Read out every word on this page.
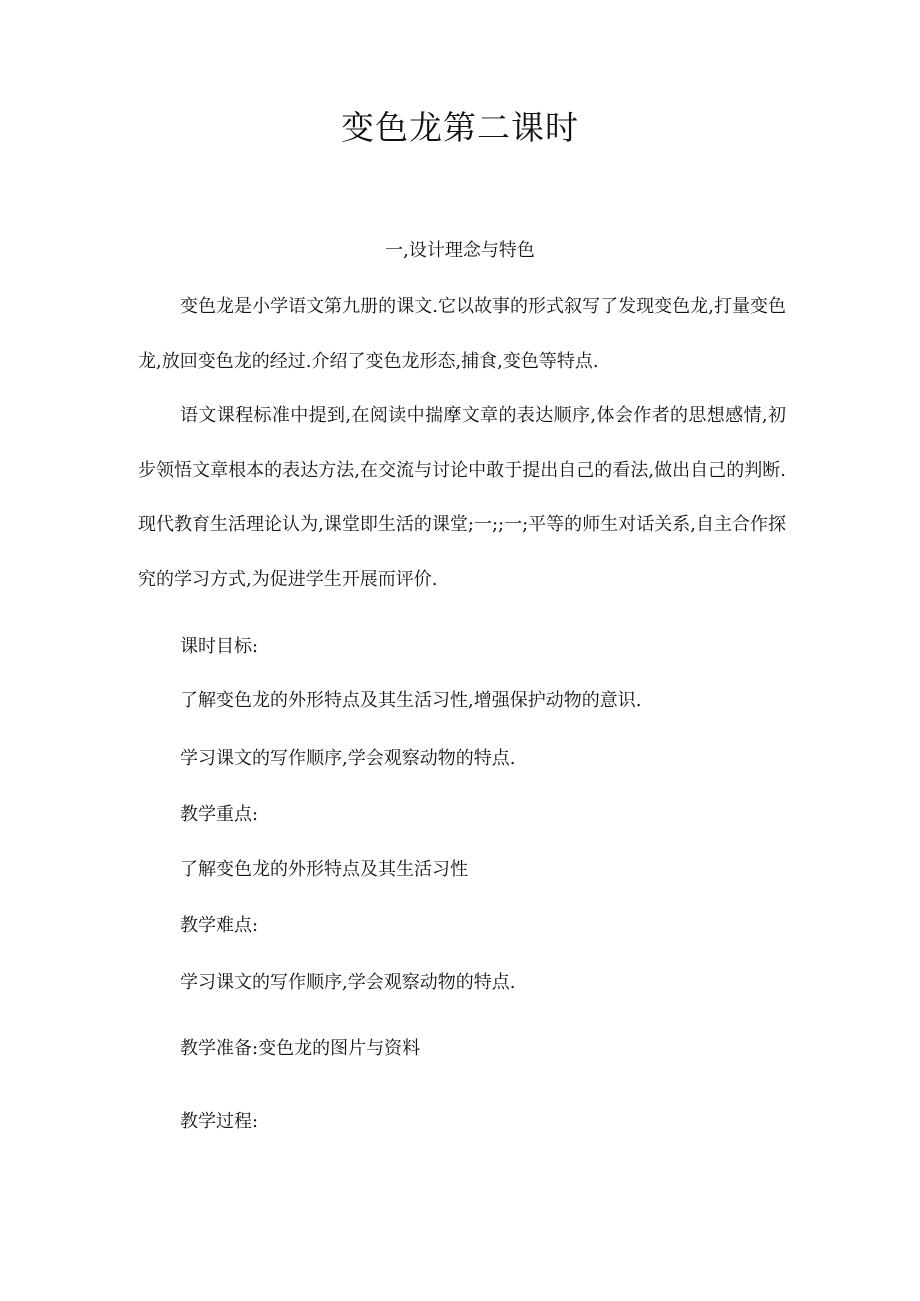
变色龙第二课时
一,设计理念与特色

变色龙是小学语文第九册的课文.它以故事的形式叙写了发现变色龙,打量变色龙,放回变色龙的经过.介绍了变色龙形态,捕食,变色等特点.

语文课程标准中提到,在阅读中揣摩文章的表达顺序,体会作者的思想感情,初步领悟文章根本的表达方法,在交流与讨论中敢于提出自己的看法,做出自己的判断.现代教育生活理论认为,课堂即生活的课堂;一;;一;平等的师生对话关系,自主合作探究的学习方式,为促进学生开展而评价.

课时目标:

了解变色龙的外形特点及其生活习性,增强保护动物的意识.

学习课文的写作顺序,学会观察动物的特点.

教学重点:

了解变色龙的外形特点及其生活习性

教学难点:

学习课文的写作顺序,学会观察动物的特点.

教学准备:变色龙的图片与资料

教学过程:
